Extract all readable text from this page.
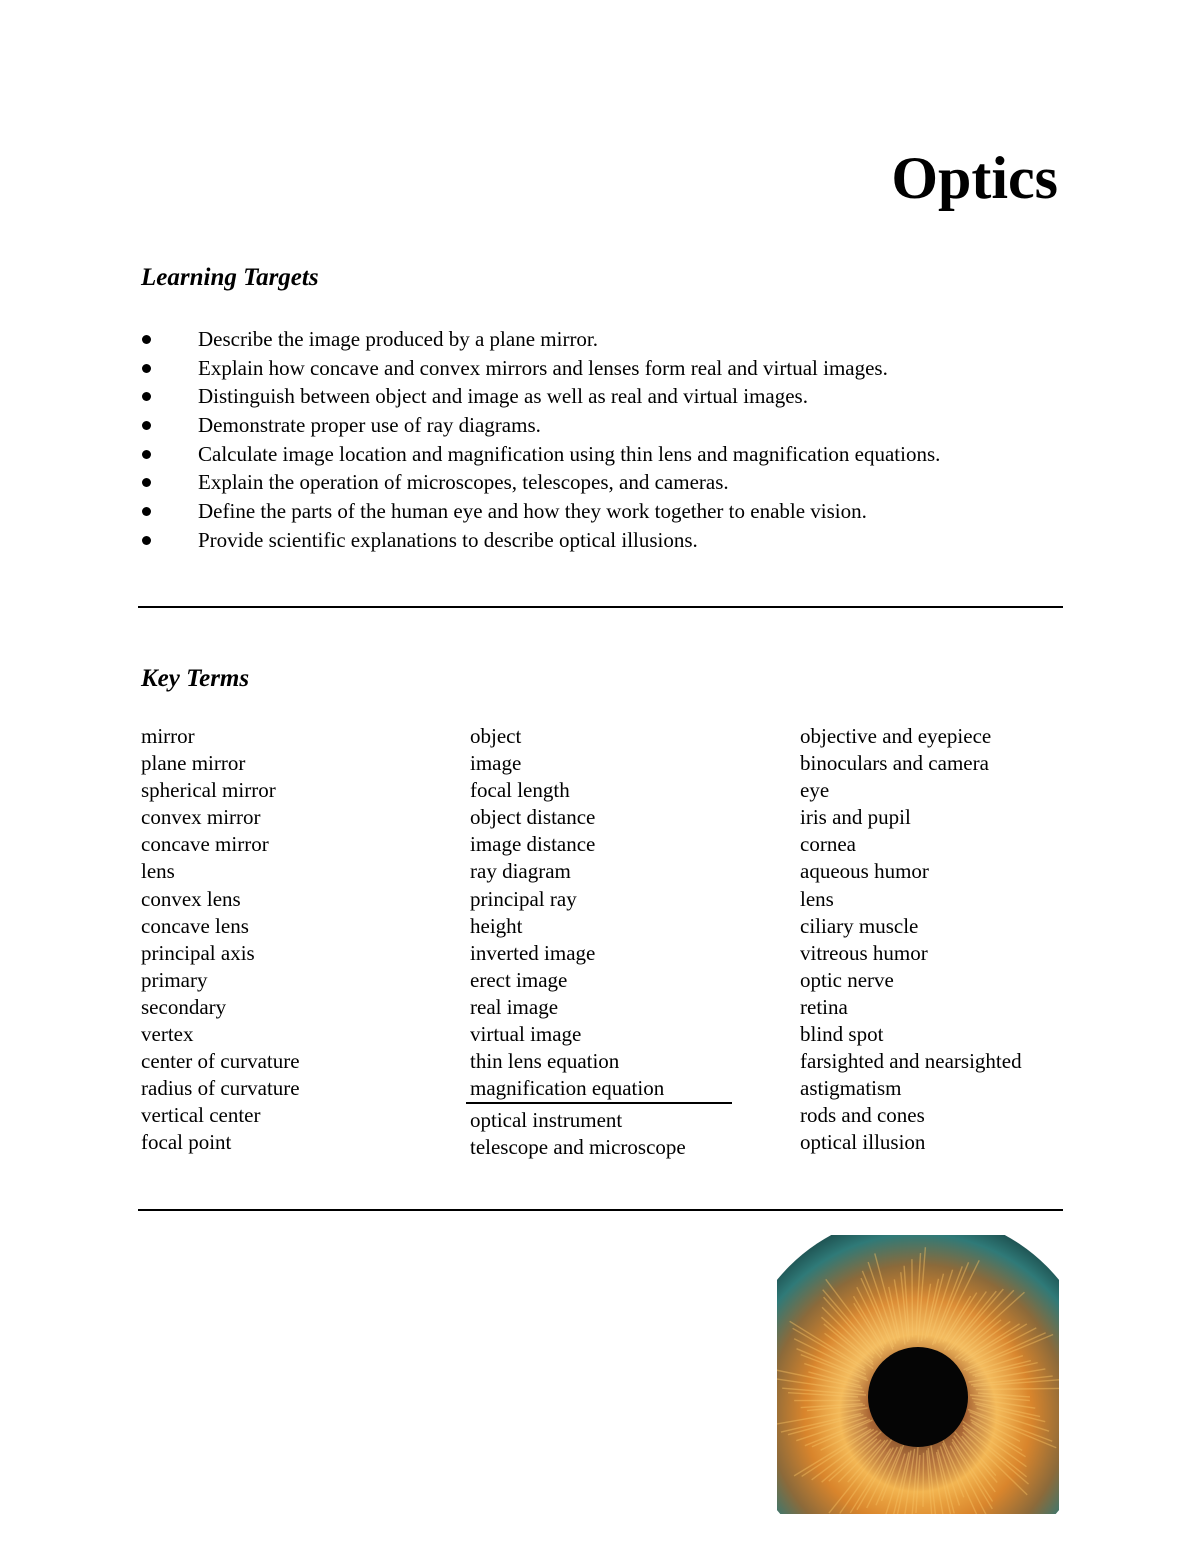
Optics
Learning Targets
Describe the image produced by a plane mirror.
Explain how concave and convex mirrors and lenses form real and virtual images.
Distinguish between object and image as well as real and virtual images.
Demonstrate proper use of ray diagrams.
Calculate image location and magnification using thin lens and magnification equations.
Explain the operation of microscopes, telescopes, and cameras.
Define the parts of the human eye and how they work together to enable vision.
Provide scientific explanations to describe optical illusions.
Key Terms
mirror
plane mirror
spherical mirror
convex mirror
concave mirror
lens
convex lens
concave lens
principal axis
primary
secondary
vertex
center of curvature
radius of curvature
vertical center
focal point
object
image
focal length
object distance
image distance
ray diagram
principal ray
height
inverted image
erect image
real image
virtual image
thin lens equation
magnification equation
optical instrument
telescope and microscope
objective and eyepiece
binoculars and camera
eye
iris and pupil
cornea
aqueous humor
lens
ciliary muscle
vitreous humor
optic nerve
retina
blind spot
farsighted and nearsighted
astigmatism
rods and cones
optical illusion
